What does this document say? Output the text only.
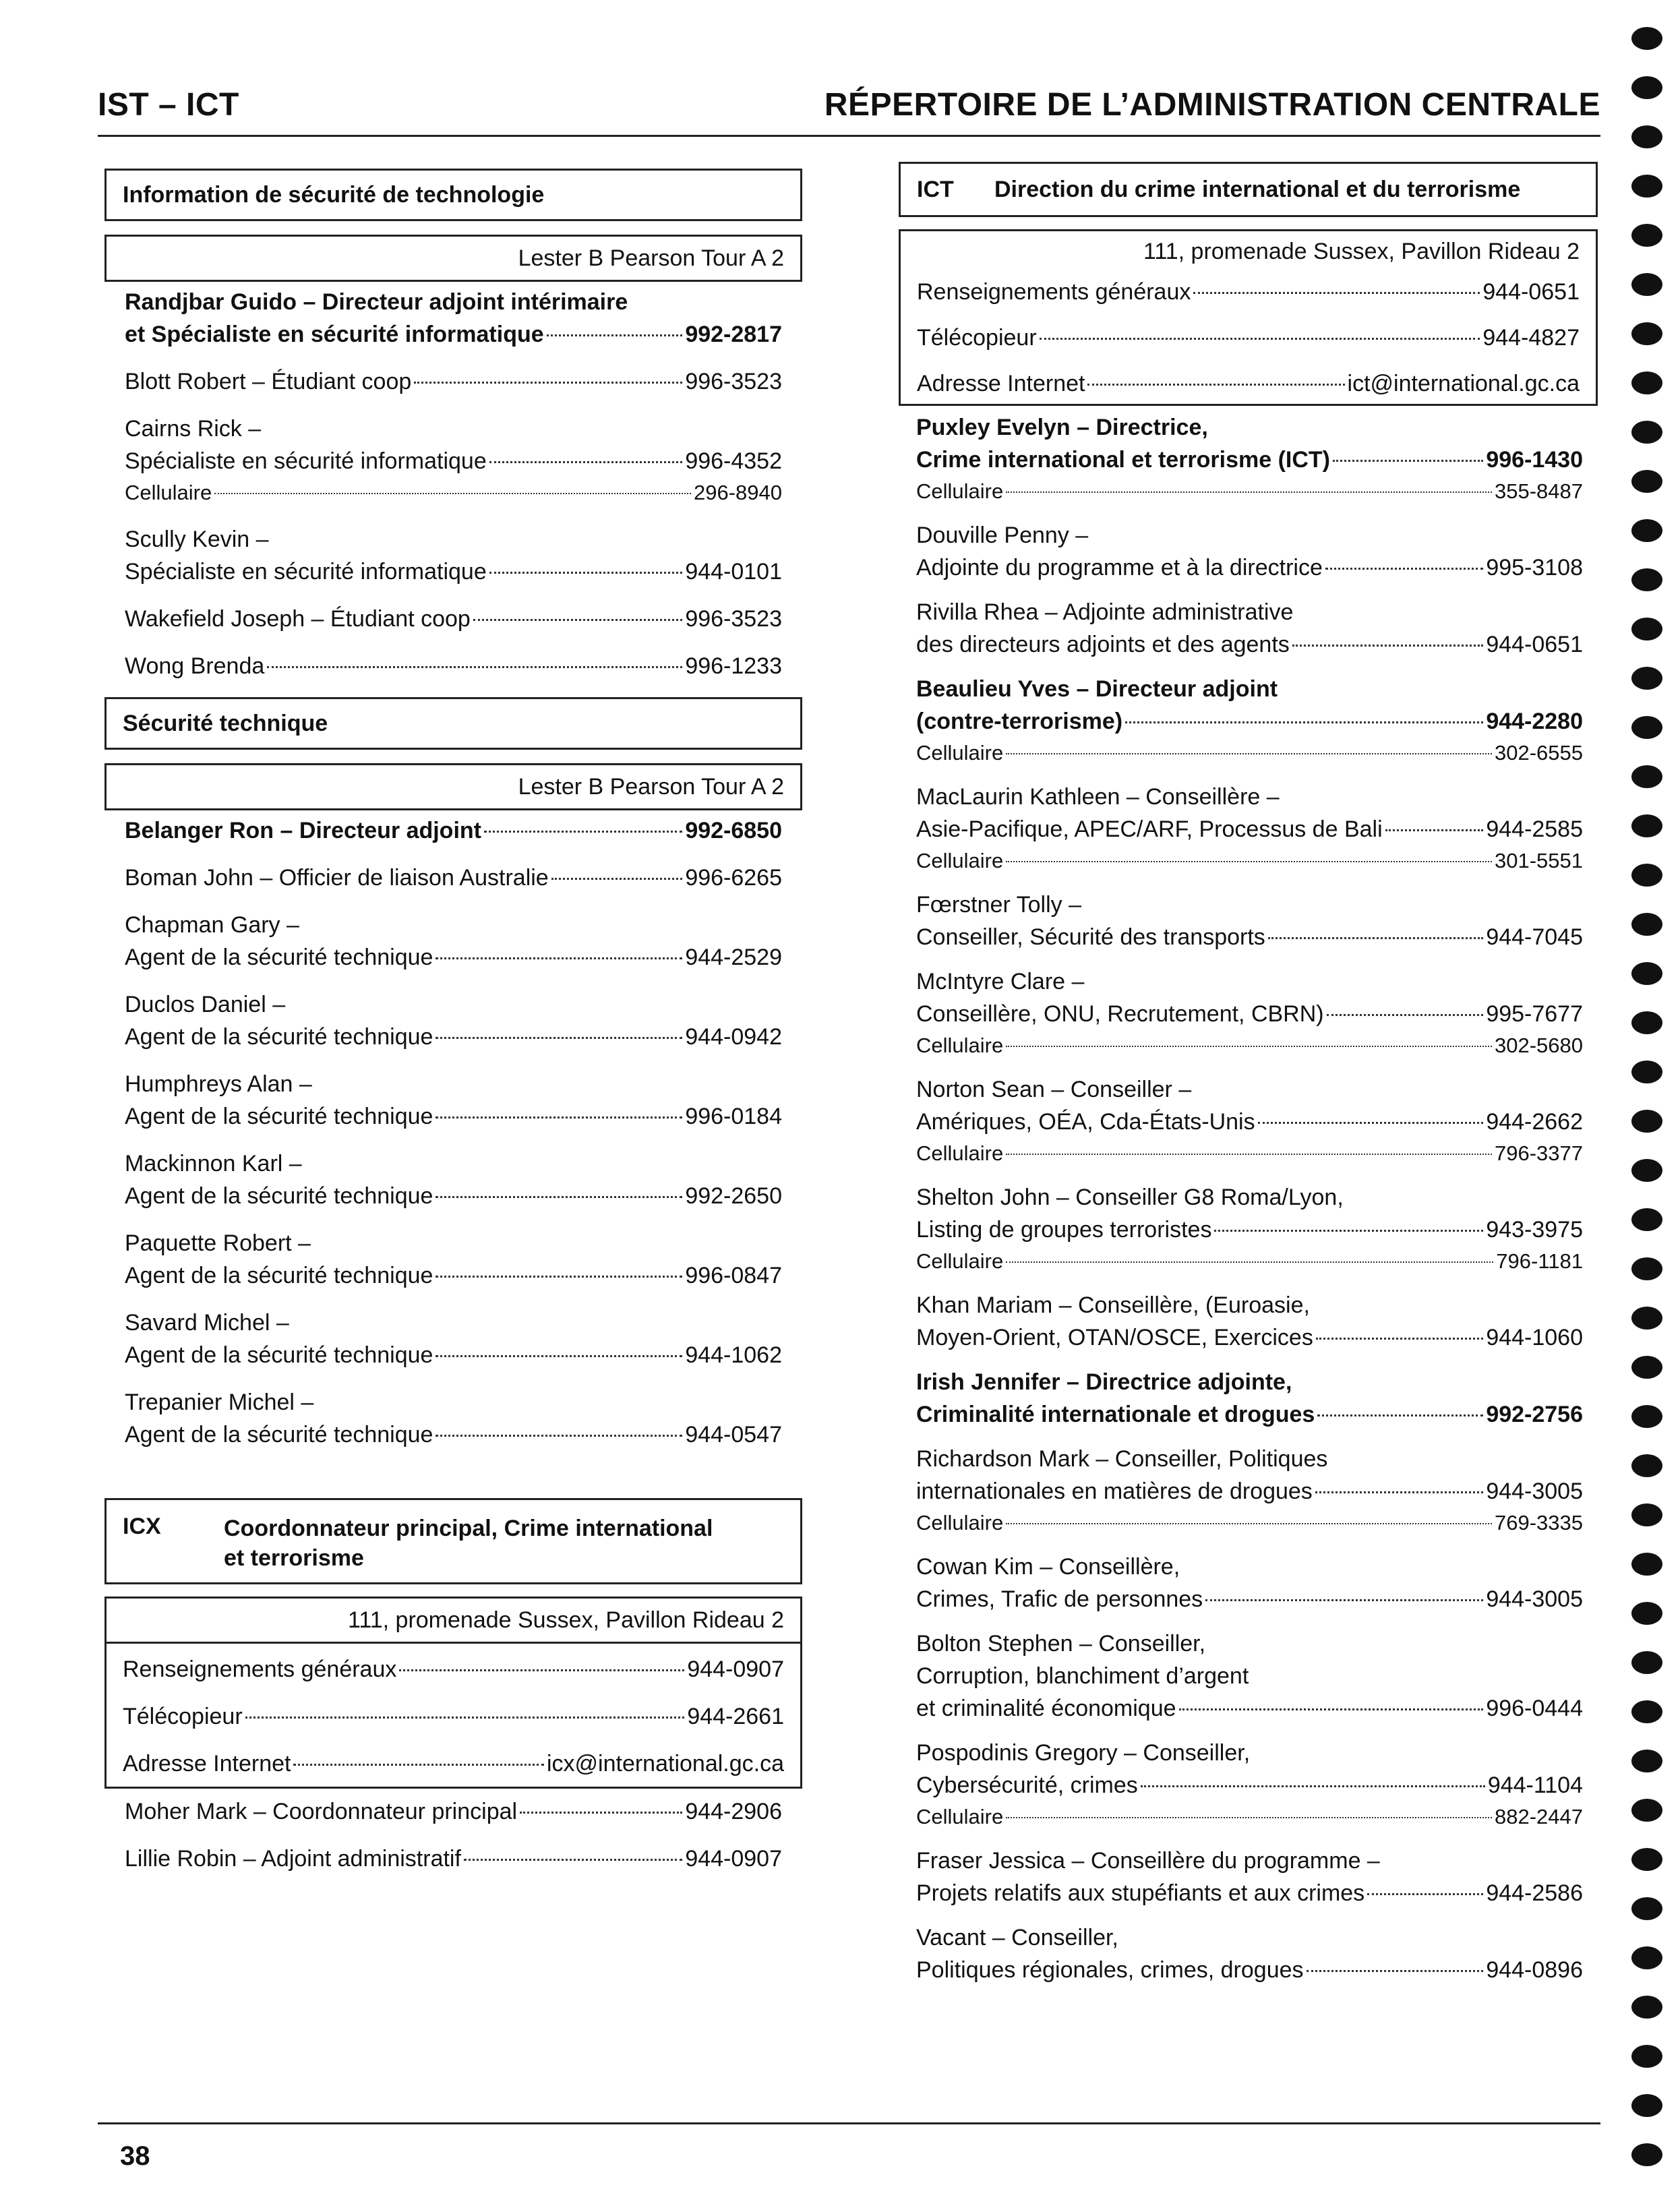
IST – ICT	RÉPERTOIRE DE L’ADMINISTRATION CENTRALE
Information de sécurité de technologie
Lester B Pearson Tour A 2
Randjbar Guido – Directeur adjoint intérimaire
et Spécialiste en sécurité informatique	992-2817
Blott Robert – Étudiant coop	996-3523
Cairns Rick –
Spécialiste en sécurité informatique	996-4352
Cellulaire	296-8940
Scully Kevin –
Spécialiste en sécurité informatique	944-0101
Wakefield Joseph – Étudiant coop	996-3523
Wong Brenda	996-1233
Sécurité technique
Lester B Pearson Tour A 2
Belanger Ron – Directeur adjoint	992-6850
Boman John – Officier de liaison Australie	996-6265
Chapman Gary –
Agent de la sécurité technique	944-2529
Duclos Daniel –
Agent de la sécurité technique	944-0942
Humphreys Alan –
Agent de la sécurité technique	996-0184
Mackinnon Karl –
Agent de la sécurité technique	992-2650
Paquette Robert –
Agent de la sécurité technique	996-0847
Savard Michel –
Agent de la sécurité technique	944-1062
Trepanier Michel –
Agent de la sécurité technique	944-0547
ICX	Coordonnateur principal, Crime international
et terrorisme
111, promenade Sussex, Pavillon Rideau 2
Renseignements généraux	944-0907
Télécopieur	944-2661
Adresse Internet	icx@international.gc.ca
Moher Mark – Coordonnateur principal	944-2906
Lillie Robin – Adjoint administratif	944-0907
ICT	Direction du crime international et du terrorisme
111, promenade Sussex, Pavillon Rideau 2
Renseignements généraux	944-0651
Télécopieur	944-4827
Adresse Internet	ict@international.gc.ca
Puxley Evelyn – Directrice,
Crime international et terrorisme (ICT)	996-1430
Cellulaire	355-8487
Douville Penny –
Adjointe du programme et à la directrice	995-3108
Rivilla Rhea – Adjointe administrative
des directeurs adjoints et des agents	944-0651
Beaulieu Yves – Directeur adjoint
(contre-terrorisme)	944-2280
Cellulaire	302-6555
MacLaurin Kathleen – Conseillère –
Asie-Pacifique, APEC/ARF, Processus de Bali	944-2585
Cellulaire	301-5551
Fœrstner Tolly –
Conseiller, Sécurité des transports	944-7045
McIntyre Clare –
Conseillère, ONU, Recrutement, CBRN)	995-7677
Cellulaire	302-5680
Norton Sean – Conseiller –
Amériques, OÉA, Cda-États-Unis	944-2662
Cellulaire	796-3377
Shelton John – Conseiller G8 Roma/Lyon,
Listing de groupes terroristes	943-3975
Cellulaire	796-1181
Khan Mariam – Conseillère, (Euroasie,
Moyen-Orient, OTAN/OSCE, Exercices	944-1060
Irish Jennifer – Directrice adjointe,
Criminalité internationale et drogues	992-2756
Richardson Mark – Conseiller, Politiques
internationales en matières de drogues	944-3005
Cellulaire	769-3335
Cowan Kim – Conseillère,
Crimes, Trafic de personnes	944-3005
Bolton Stephen – Conseiller,
Corruption, blanchiment d’argent
et criminalité économique	996-0444
Pospodinis Gregory – Conseiller,
Cybersécurité, crimes	944-1104
Cellulaire	882-2447
Fraser Jessica – Conseillère du programme –
Projets relatifs aux stupéfiants et aux crimes	944-2586
Vacant – Conseiller,
Politiques régionales, crimes, drogues	944-0896
38
